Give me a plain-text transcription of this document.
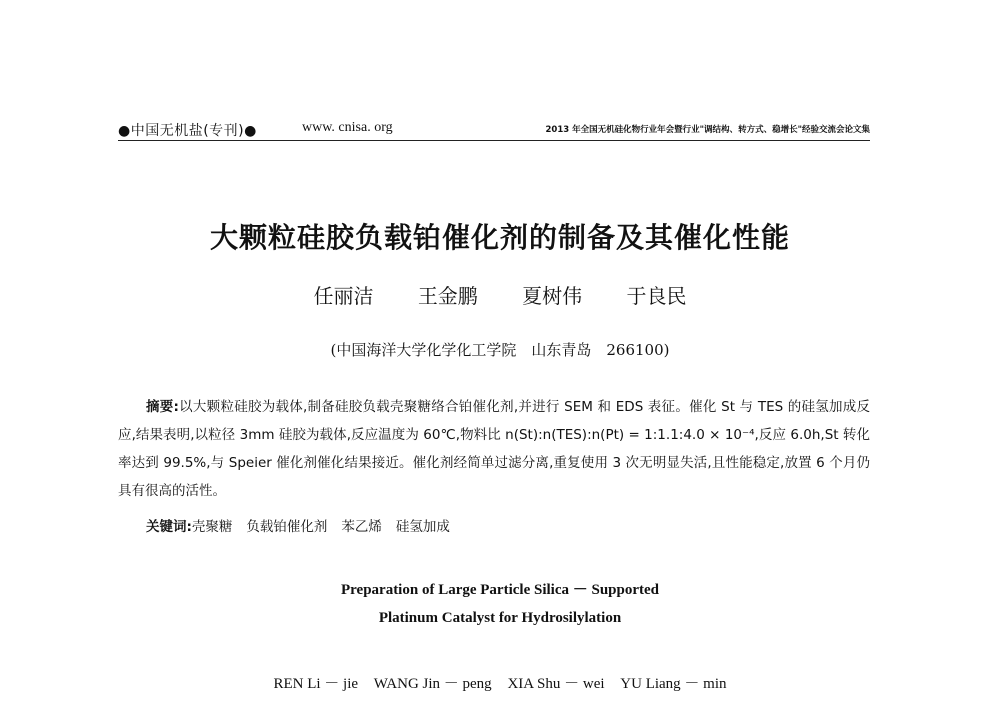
●中国无机盐(专刊)●	www. cnisa. org	2013 年全国无机硅化物行业年会暨行业"调结构、转方式、稳增长"经验交流会论文集
大颗粒硅胶负载铂催化剂的制备及其催化性能
任丽洁 王金鹏 夏树伟 于良民
(中国海洋大学化学化工学院　山东青岛　266100)
摘要:以大颗粒硅胶为载体,制备硅胶负载壳聚糖络合铂催化剂,并进行 SEM 和 EDS 表征。催化 St 与 TES 的硅氢加成反应,结果表明,以粒径 3mm 硅胶为载体,反应温度为 60℃,物料比 n(St):n(TES):n(Pt) = 1:1.1:4.0 × 10⁻⁴,反应 6.0h,St 转化率达到 99.5%,与 Speier 催化剂催化结果接近。催化剂经简单过滤分离,重复使用 3 次无明显失活,且性能稳定,放置 6 个月仍具有很高的活性。
关键词:壳聚糖 负载铂催化剂 苯乙烯 硅氢加成
Preparation of Large Particle Silica － Supported
Platinum Catalyst for Hydrosilylation
REN Li － jie WANG Jin － peng XIA Shu － wei YU Liang － min
